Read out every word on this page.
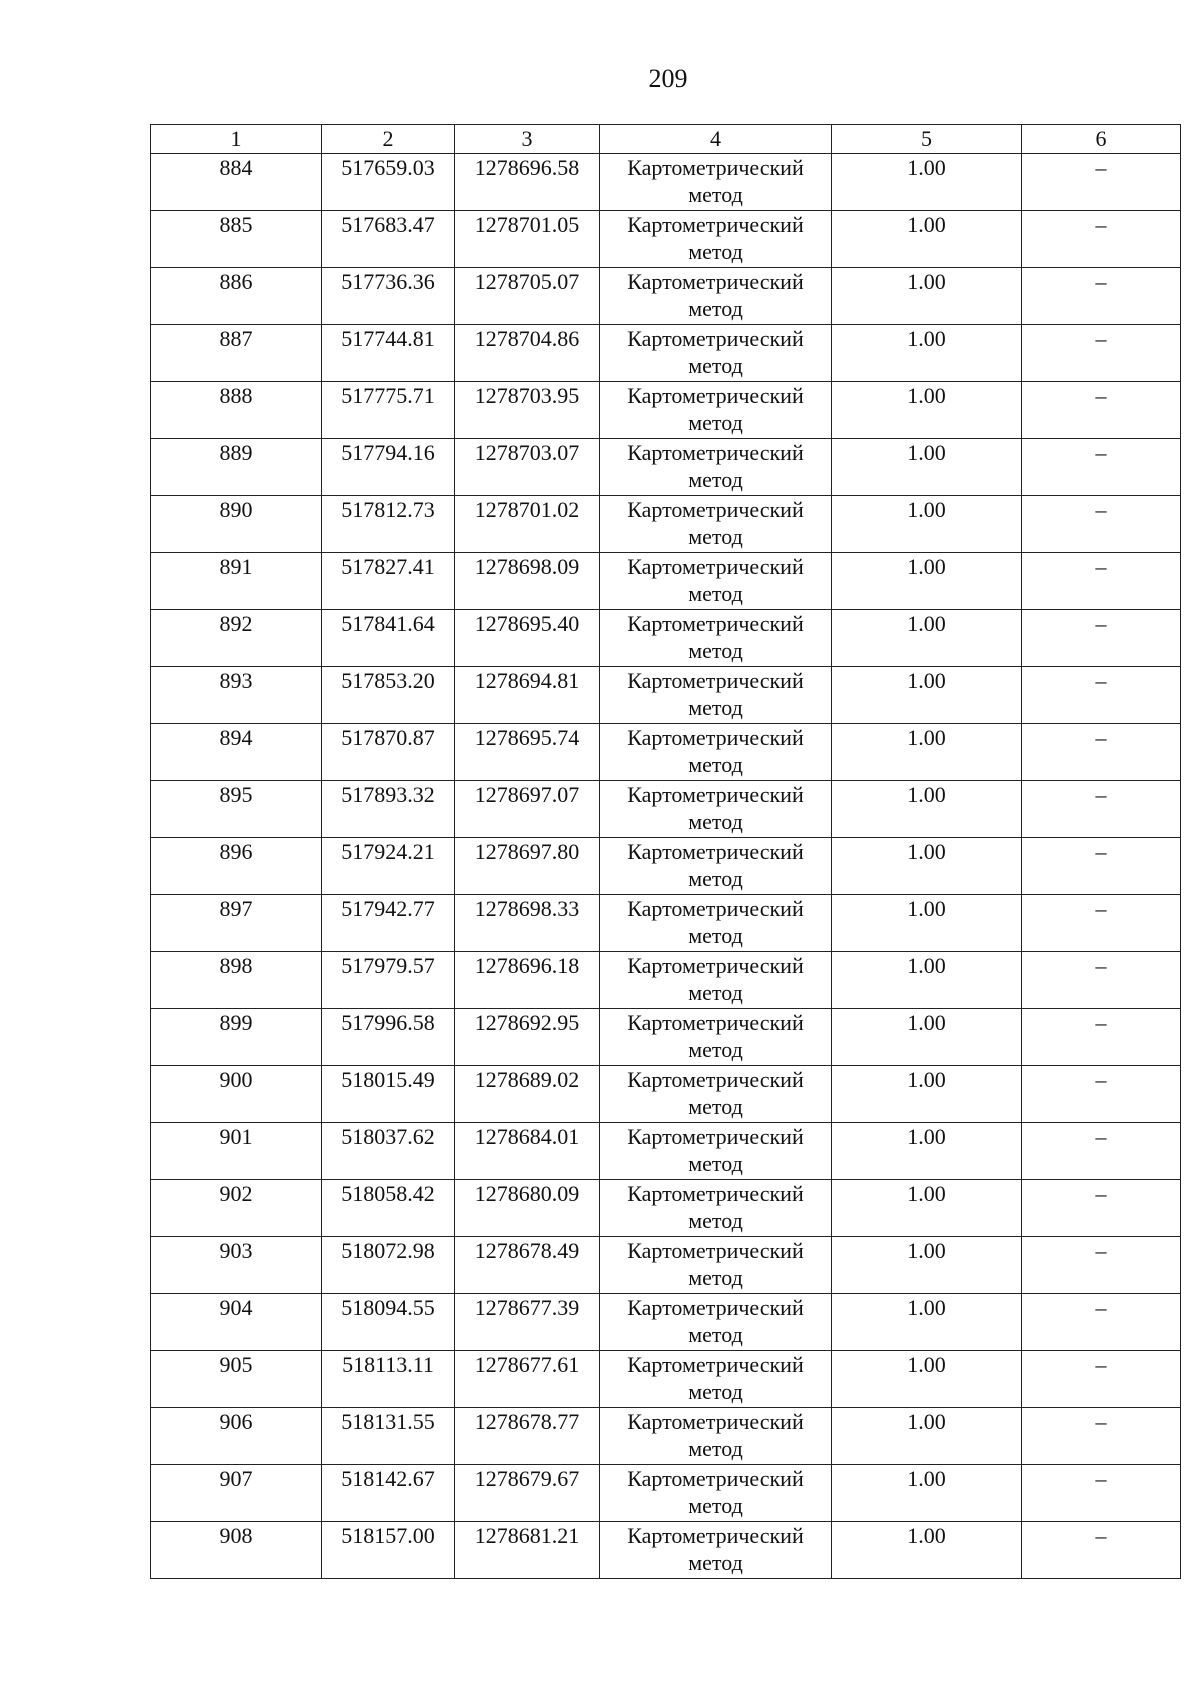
209
1	2	3	4	5	6
884	517659.03	1278696.58	Картометрический метод	1.00	–
885	517683.47	1278701.05	Картометрический метод	1.00	–
886	517736.36	1278705.07	Картометрический метод	1.00	–
887	517744.81	1278704.86	Картометрический метод	1.00	–
888	517775.71	1278703.95	Картометрический метод	1.00	–
889	517794.16	1278703.07	Картометрический метод	1.00	–
890	517812.73	1278701.02	Картометрический метод	1.00	–
891	517827.41	1278698.09	Картометрический метод	1.00	–
892	517841.64	1278695.40	Картометрический метод	1.00	–
893	517853.20	1278694.81	Картометрический метод	1.00	–
894	517870.87	1278695.74	Картометрический метод	1.00	–
895	517893.32	1278697.07	Картометрический метод	1.00	–
896	517924.21	1278697.80	Картометрический метод	1.00	–
897	517942.77	1278698.33	Картометрический метод	1.00	–
898	517979.57	1278696.18	Картометрический метод	1.00	–
899	517996.58	1278692.95	Картометрический метод	1.00	–
900	518015.49	1278689.02	Картометрический метод	1.00	–
901	518037.62	1278684.01	Картометрический метод	1.00	–
902	518058.42	1278680.09	Картометрический метод	1.00	–
903	518072.98	1278678.49	Картометрический метод	1.00	–
904	518094.55	1278677.39	Картометрический метод	1.00	–
905	518113.11	1278677.61	Картометрический метод	1.00	–
906	518131.55	1278678.77	Картометрический метод	1.00	–
907	518142.67	1278679.67	Картометрический метод	1.00	–
908	518157.00	1278681.21	Картометрический метод	1.00	–
